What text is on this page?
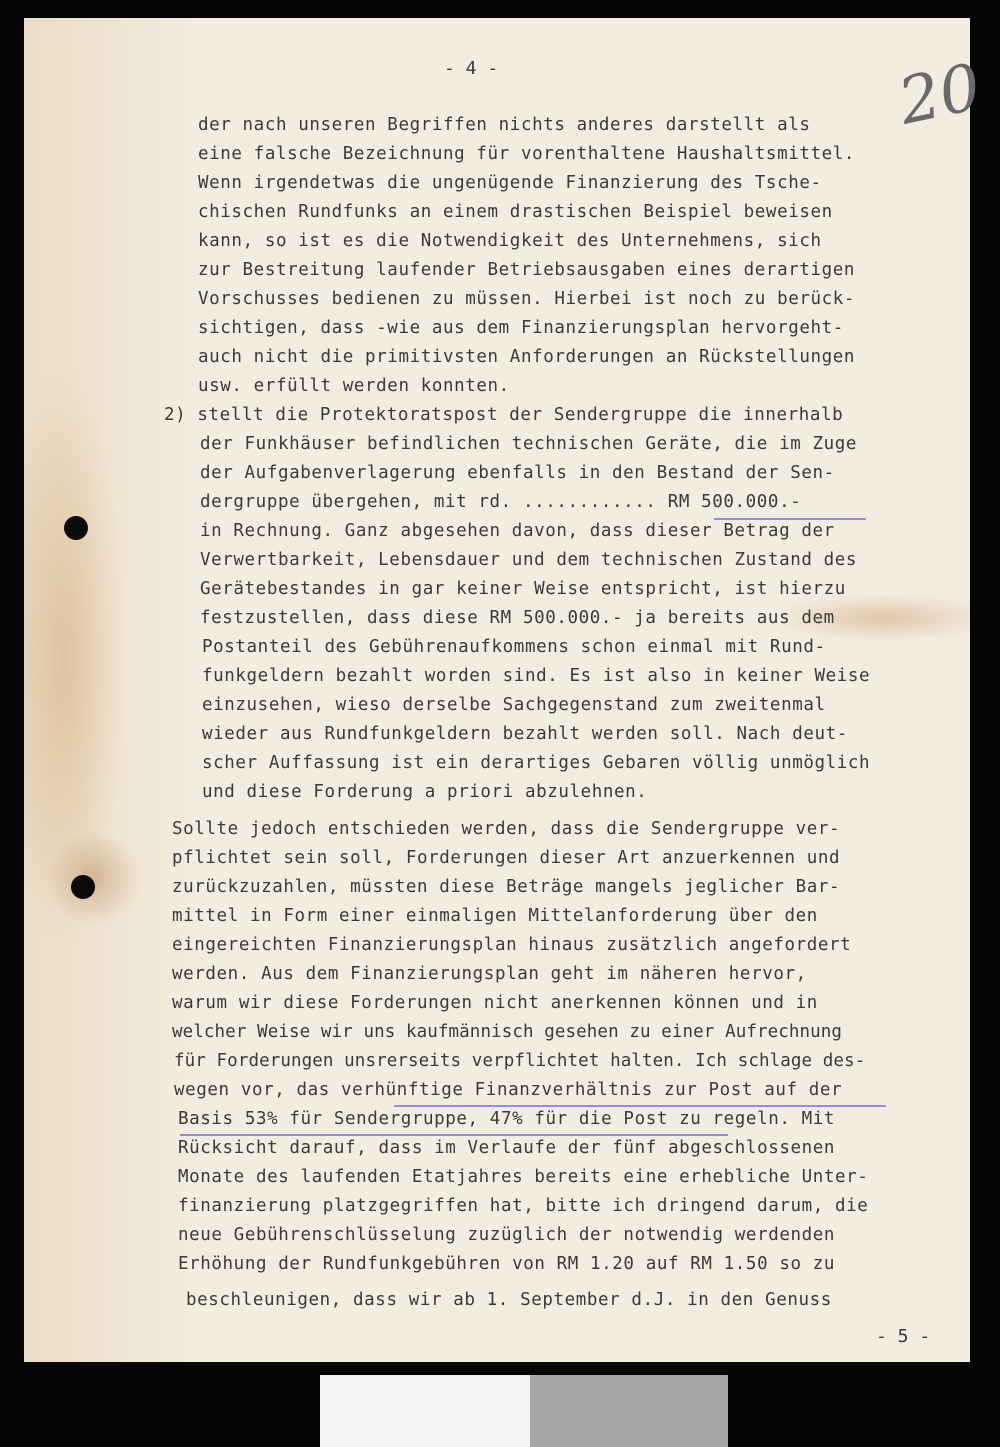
- 4 -	20
der nach unseren Begriffen nichts anderes darstellt als
eine falsche Bezeichnung für vorenthaltene Haushaltsmittel.
Wenn irgendetwas die ungenügende Finanzierung des Tsche-
chischen Rundfunks an einem drastischen Beispiel beweisen
kann, so ist es die Notwendigkeit des Unternehmens, sich
zur Bestreitung laufender Betriebsausgaben eines derartigen
Vorschusses bedienen zu müssen. Hierbei ist noch zu berück-
sichtigen, dass -wie aus dem Finanzierungsplan hervorgeht-
auch nicht die primitivsten Anforderungen an Rückstellungen
usw. erfüllt werden konnten.
2) stellt die Protektoratspost der Sendergruppe die innerhalb
der Funkhäuser befindlichen technischen Geräte, die im Zuge
der Aufgabenverlagerung ebenfalls in den Bestand der Sen-
dergruppe übergehen, mit rd. ............ RM 500.000.-
in Rechnung. Ganz abgesehen davon, dass dieser Betrag der
Verwertbarkeit, Lebensdauer und dem technischen Zustand des
Gerätebestandes in gar keiner Weise entspricht, ist hierzu
festzustellen, dass diese RM 500.000.- ja bereits aus dem
Postanteil des Gebührenaufkommens schon einmal mit Rund-
funkgeldern bezahlt worden sind. Es ist also in keiner Weise
einzusehen, wieso derselbe Sachgegenstand zum zweitenmal
wieder aus Rundfunkgeldern bezahlt werden soll. Nach deut-
scher Auffassung ist ein derartiges Gebaren völlig unmöglich
und diese Forderung a priori abzulehnen.
Sollte jedoch entschieden werden, dass die Sendergruppe ver-
pflichtet sein soll, Forderungen dieser Art anzuerkennen und
zurückzuzahlen, müssten diese Beträge mangels jeglicher Bar-
mittel in Form einer einmaligen Mittelanforderung über den
eingereichten Finanzierungsplan hinaus zusätzlich angefordert
werden. Aus dem Finanzierungsplan geht im näheren hervor,
warum wir diese Forderungen nicht anerkennen können und in
welcher Weise wir uns kaufmännisch gesehen zu einer Aufrechnung
für Forderungen unsrerseits verpflichtet halten. Ich schlage des-
wegen vor, das verhünftige Finanzverhältnis zur Post auf der
Basis 53% für Sendergruppe, 47% für die Post zu regeln. Mit
Rücksicht darauf, dass im Verlaufe der fünf abgeschlossenen
Monate des laufenden Etatjahres bereits eine erhebliche Unter-
finanzierung platzgegriffen hat, bitte ich dringend darum, die
neue Gebührenschlüsselung zuzüglich der notwendig werdenden
Erhöhung der Rundfunkgebühren von RM 1.20 auf RM 1.50 so zu
beschleunigen, dass wir ab 1. September d.J. in den Genuss
- 5 -
